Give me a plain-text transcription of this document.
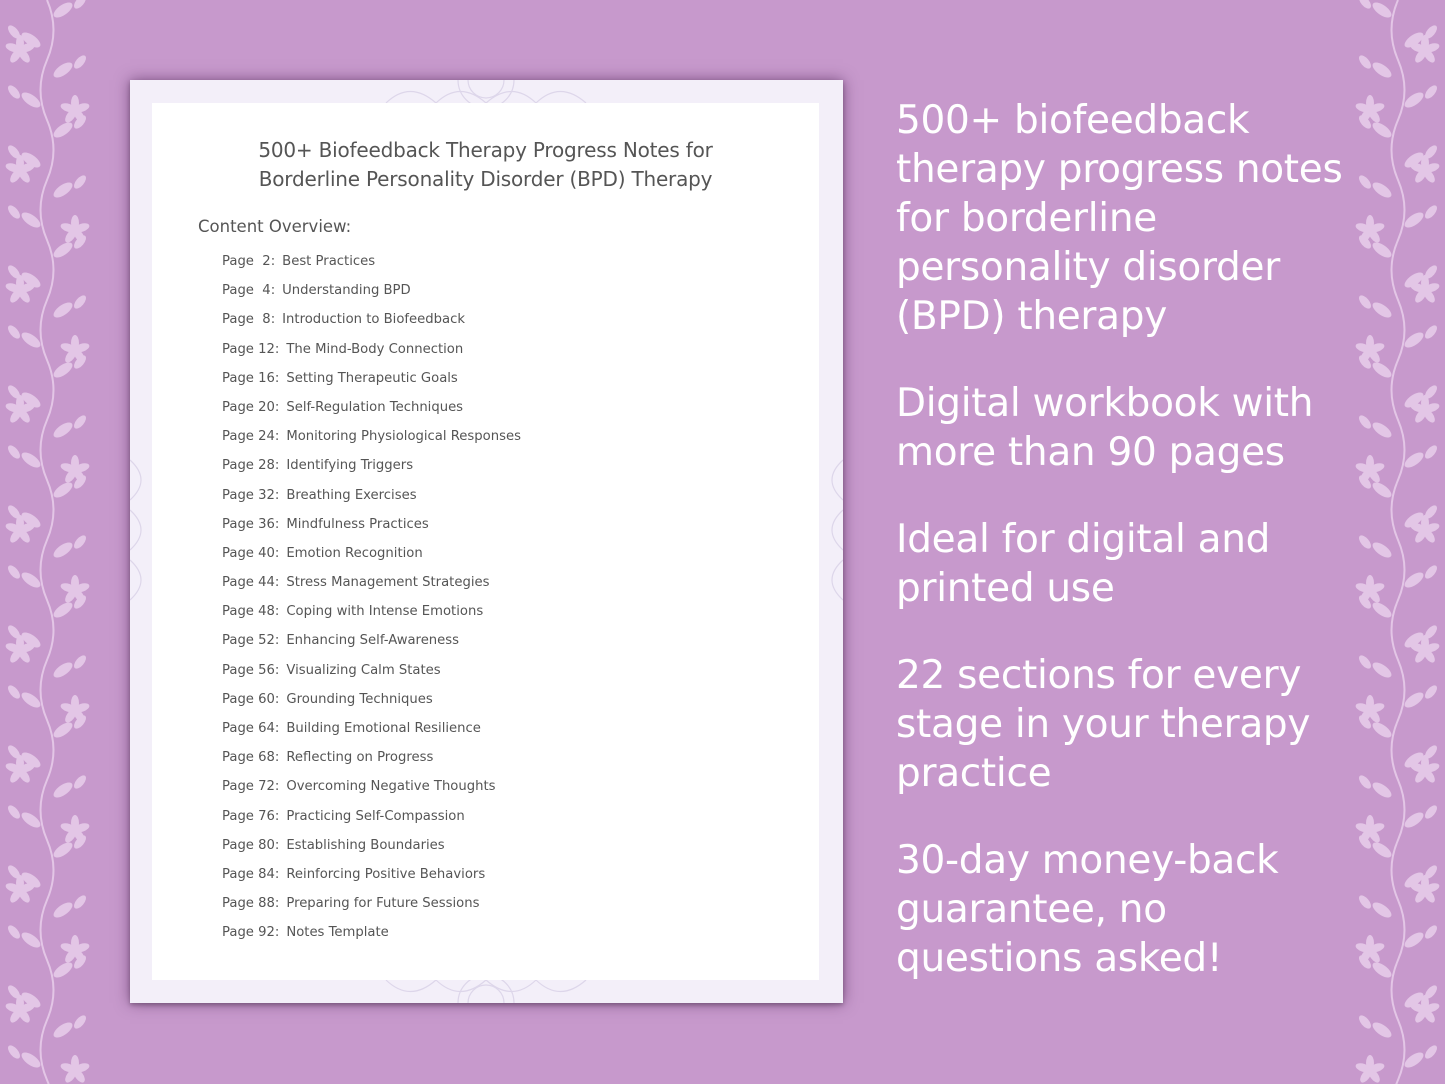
500+ Biofeedback Therapy Progress Notes for
Borderline Personality Disorder (BPD) Therapy
Content Overview:
Page  2: Best Practices
Page  4: Understanding BPD
Page  8: Introduction to Biofeedback
Page 12: The Mind-Body Connection
Page 16: Setting Therapeutic Goals
Page 20: Self-Regulation Techniques
Page 24: Monitoring Physiological Responses
Page 28: Identifying Triggers
Page 32: Breathing Exercises
Page 36: Mindfulness Practices
Page 40: Emotion Recognition
Page 44: Stress Management Strategies
Page 48: Coping with Intense Emotions
Page 52: Enhancing Self-Awareness
Page 56: Visualizing Calm States
Page 60: Grounding Techniques
Page 64: Building Emotional Resilience
Page 68: Reflecting on Progress
Page 72: Overcoming Negative Thoughts
Page 76: Practicing Self-Compassion
Page 80: Establishing Boundaries
Page 84: Reinforcing Positive Behaviors
Page 88: Preparing for Future Sessions
Page 92: Notes Template

500+ biofeedback therapy progress notes for borderline personality disorder (BPD) therapy

Digital workbook with more than 90 pages

Ideal for digital and printed use

22 sections for every stage in your therapy practice

30-day money-back guarantee, no questions asked!
